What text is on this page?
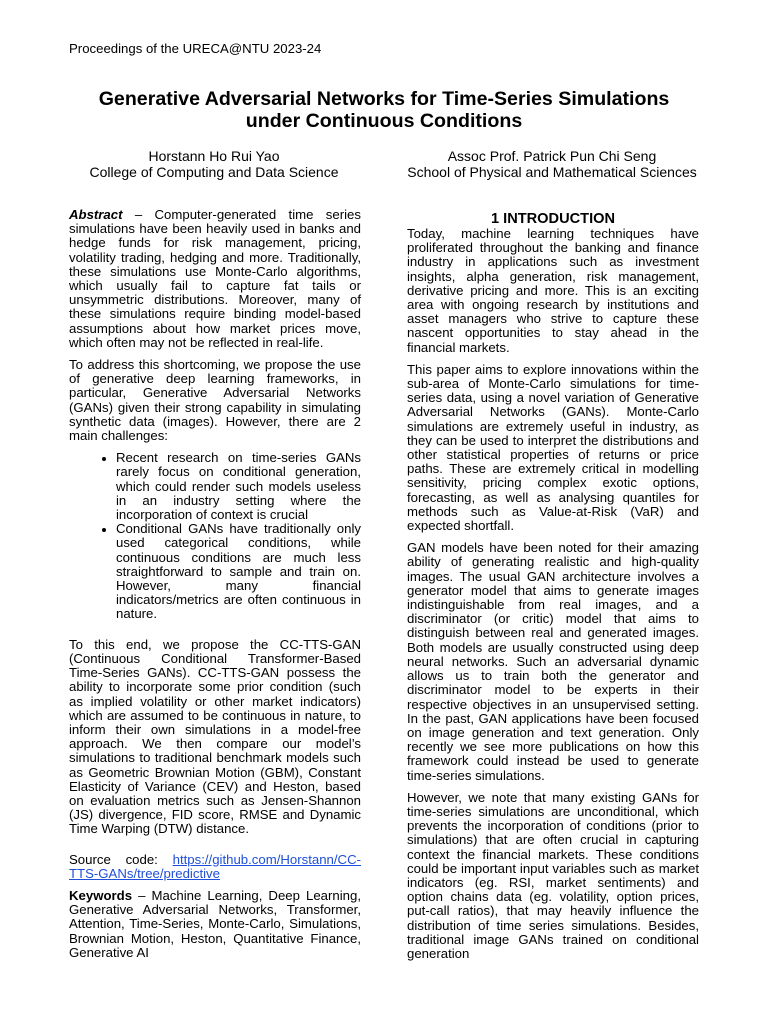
Proceedings of the URECA@NTU 2023-24
Generative Adversarial Networks for Time-Series Simulations
under Continuous Conditions
Horstann Ho Rui Yao
College of Computing and Data Science
Assoc Prof. Patrick Pun Chi Seng
School of Physical and Mathematical Sciences

Abstract – Computer-generated time series simulations have been heavily used in banks and hedge funds for risk management, pricing, volatility trading, hedging and more. Traditionally, these simulations use Monte-Carlo algorithms, which usually fail to capture fat tails or unsymmetric distributions. Moreover, many of these simulations require binding model-based assumptions about how market prices move, which often may not be reflected in real-life.

To address this shortcoming, we propose the use of generative deep learning frameworks, in particular, Generative Adversarial Networks (GANs) given their strong capability in simulating synthetic data (images). However, there are 2 main challenges:

• Recent research on time-series GANs rarely focus on conditional generation, which could render such models useless in an industry setting where the incorporation of context is crucial
• Conditional GANs have traditionally only used categorical conditions, while continuous conditions are much less straightforward to sample and train on. However, many financial indicators/metrics are often continuous in nature.

To this end, we propose the CC-TTS-GAN (Continuous Conditional Transformer-Based Time-Series GANs). CC-TTS-GAN possess the ability to incorporate some prior condition (such as implied volatility or other market indicators) which are assumed to be continuous in nature, to inform their own simulations in a model-free approach. We then compare our model’s simulations to traditional benchmark models such as Geometric Brownian Motion (GBM), Constant Elasticity of Variance (CEV) and Heston, based on evaluation metrics such as Jensen-Shannon (JS) divergence, FID score, RMSE and Dynamic Time Warping (DTW) distance.

Source code: https://github.com/Horstann/CC-TTS-GANs/tree/predictive

Keywords – Machine Learning, Deep Learning, Generative Adversarial Networks, Transformer, Attention, Time-Series, Monte-Carlo, Simulations, Brownian Motion, Heston, Quantitative Finance, Generative AI

1 INTRODUCTION

Today, machine learning techniques have proliferated throughout the banking and finance industry in applications such as investment insights, alpha generation, risk management, derivative pricing and more. This is an exciting area with ongoing research by institutions and asset managers who strive to capture these nascent opportunities to stay ahead in the financial markets.

This paper aims to explore innovations within the sub-area of Monte-Carlo simulations for time-series data, using a novel variation of Generative Adversarial Networks (GANs). Monte-Carlo simulations are extremely useful in industry, as they can be used to interpret the distributions and other statistical properties of returns or price paths. These are extremely critical in modelling sensitivity, pricing complex exotic options, forecasting, as well as analysing quantiles for methods such as Value-at-Risk (VaR) and expected shortfall.

GAN models have been noted for their amazing ability of generating realistic and high-quality images. The usual GAN architecture involves a generator model that aims to generate images indistinguishable from real images, and a discriminator (or critic) model that aims to distinguish between real and generated images. Both models are usually constructed using deep neural networks. Such an adversarial dynamic allows us to train both the generator and discriminator model to be experts in their respective objectives in an unsupervised setting. In the past, GAN applications have been focused on image generation and text generation. Only recently we see more publications on how this framework could instead be used to generate time-series simulations.

However, we note that many existing GANs for time-series simulations are unconditional, which prevents the incorporation of conditions (prior to simulations) that are often crucial in capturing context the financial markets. These conditions could be important input variables such as market indicators (eg. RSI, market sentiments) and option chains data (eg. volatility, option prices, put-call ratios), that may heavily influence the distribution of time series simulations. Besides, traditional image GANs trained on conditional generation
